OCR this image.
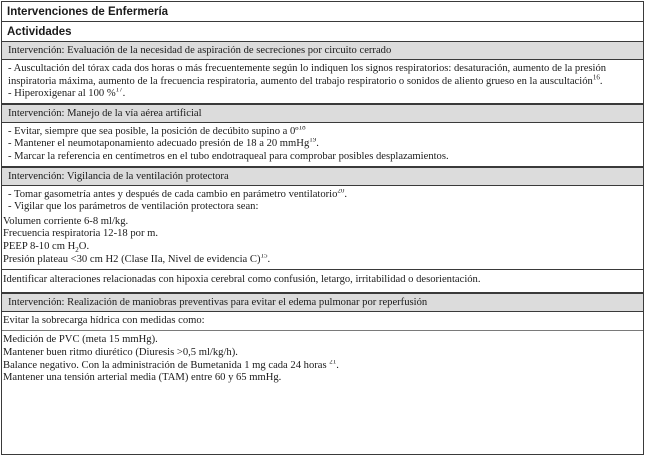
Intervenciones de Enfermería
Actividades
Intervención: Evaluación de la necesidad de aspiración de secreciones por circuito cerrado
- Auscultación del tórax cada dos horas o más frecuentemente según lo indiquen los signos respiratorios: desaturación, aumento de la presión inspiratoria máxima, aumento de la frecuencia respiratoria, aumento del trabajo respiratorio o sonidos de aliento grueso en la auscultación$^{16}$.
- Hiperoxigenar al 100 %$^{17}$.
Intervención: Manejo de la vía aérea artificial
- Evitar, siempre que sea posible, la posición de decúbito supino a 0º$^{18}$
- Mantener el neumotaponamiento adecuado presión de 18 a 20 mmHg$^{19}$.
- Marcar la referencia en centímetros en el tubo endotraqueal para comprobar posibles desplazamientos.
Intervención: Vigilancia de la ventilación protectora
- Tomar gasometría antes y después de cada cambio en parámetro ventilatorio$^{20}$.
- Vigilar que los parámetros de ventilación protectora sean:
Volumen corriente 6-8 ml/kg.
Frecuencia respiratoria 12-18 por m.
PEEP 8-10 cm $H_2O$.
Presión plateau <30 cm H2 (Clase IIa, Nivel de evidencia C)$^{15}$.
Identificar alteraciones relacionadas con hipoxia cerebral como confusión, letargo, irritabilidad o desorientación.
Intervención: Realización de maniobras preventivas para evitar el edema pulmonar por reperfusión
Evitar la sobrecarga hídrica con medidas como:
Medición de PVC (meta 15 mmHg).
Mantener buen ritmo diurético (Diuresis >0,5 ml/kg/h).
Balance negativo. Con la administración de Bumetanida 1 mg cada 24 horas $^{21}$.
Mantener una tensión arterial media (TAM) entre 60 y 65 mmHg.
